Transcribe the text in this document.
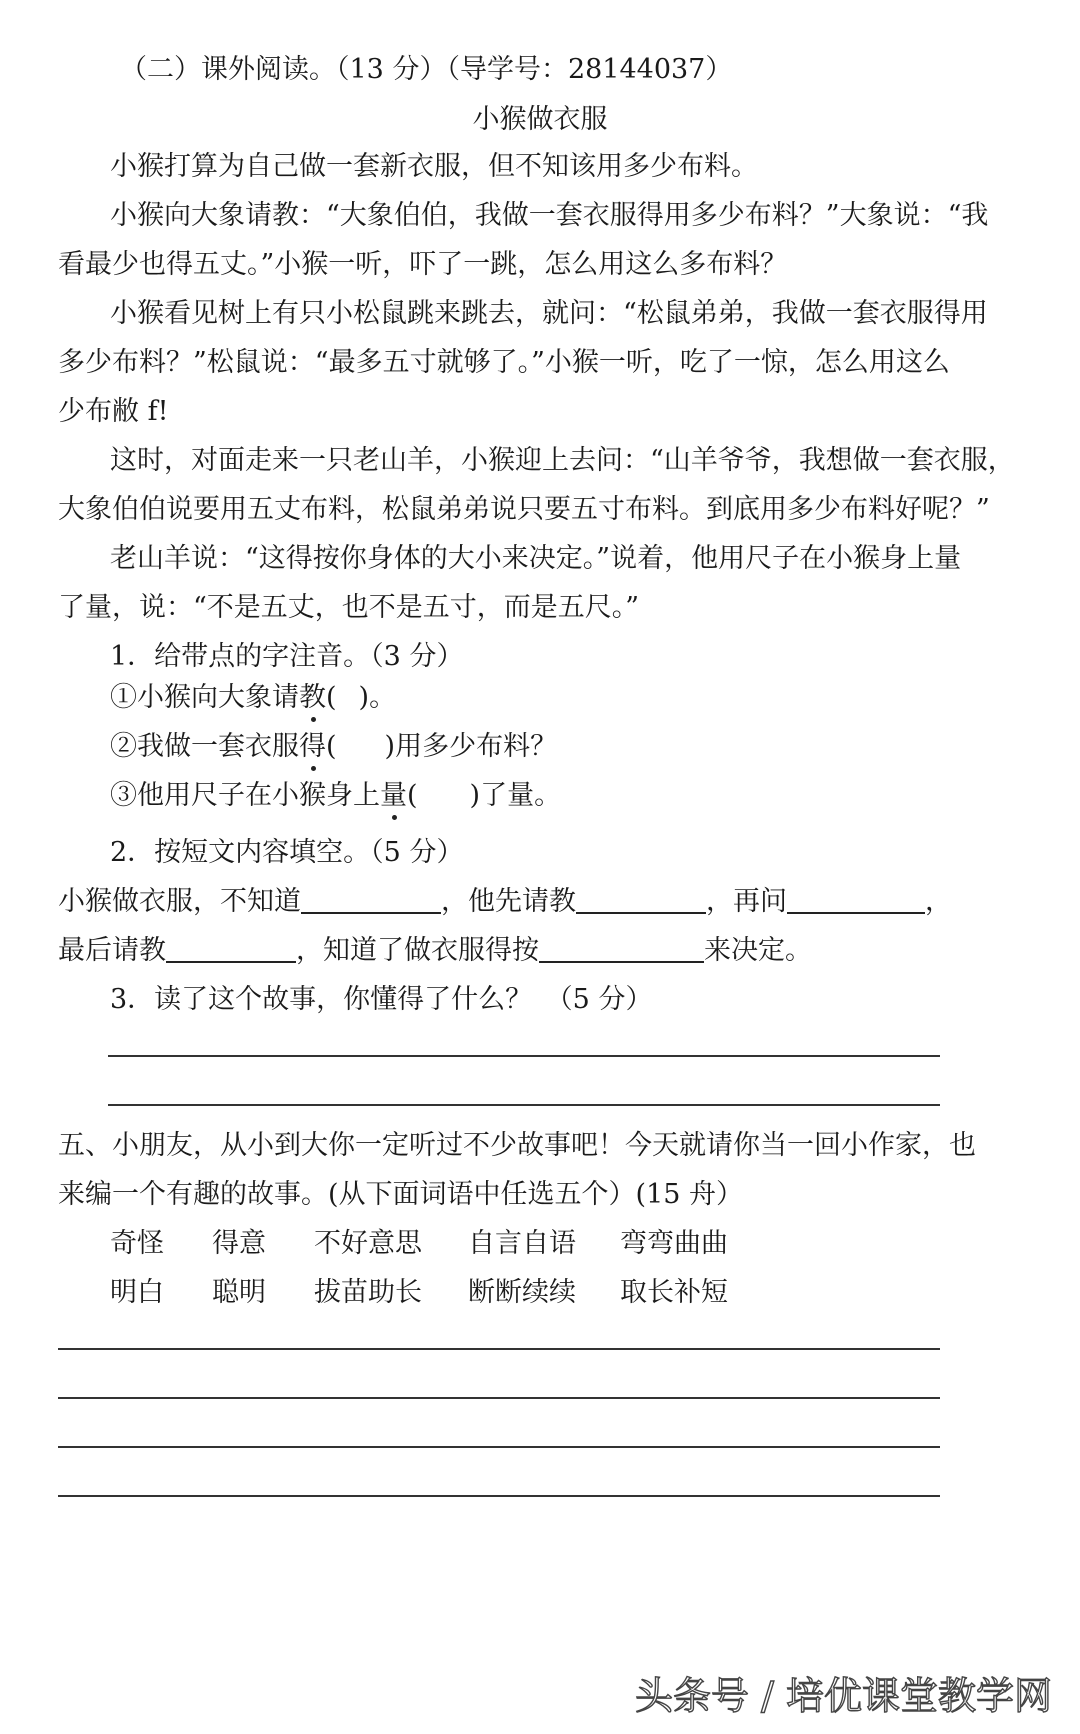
（二）课外阅读。（13 分）（导学号：28144037）

小猴做衣服

小猴打算为自己做一套新衣服，但不知该用多少布料。

小猴向大象请教：“大象伯伯，我做一套衣服得用多少布料？”大象说：“我

看最少也得五丈。”小猴一听，吓了一跳，怎么用这么多布料？

小猴看见树上有只小松鼠跳来跳去，就问：“松鼠弟弟，我做一套衣服得用

多少布料？”松鼠说：“最多五寸就够了。”小猴一听，吃了一惊，怎么用这么

少布敝 f!

这时，对面走来一只老山羊，小猴迎上去问：“山羊爷爷，我想做一套衣服，

大象伯伯说要用五丈布料，松鼠弟弟说只要五寸布料。到底用多少布料好呢？”

老山羊说：“这得按你身体的大小来决定。”说着，他用尺子在小猴身上量

了量，说：“不是五丈，也不是五寸，而是五尺。”

1．给带点的字注音。（3 分）

①小猴向大象请教( )。

②我做一套衣服得( )用多少布料？

③他用尺子在小猴身上量( )了量。

2．按短文内容填空。（5 分）

小猴做衣服，不知道	，他先请教	，再问	，

最后请教	，知道了做衣服得按	来决定。

3．读了这个故事，你懂得了什么？　（5 分）

五、小朋友，从小到大你一定听过不少故事吧！今天就请你当一回小作家，也

来编一个有趣的故事。(从下面词语中任选五个）(15 舟）

奇怪 得意 不好意思 自言自语 弯弯曲曲
明白 聪明 拔苗助长 断断续续 取长补短
头条号 / 培优课堂教学网
